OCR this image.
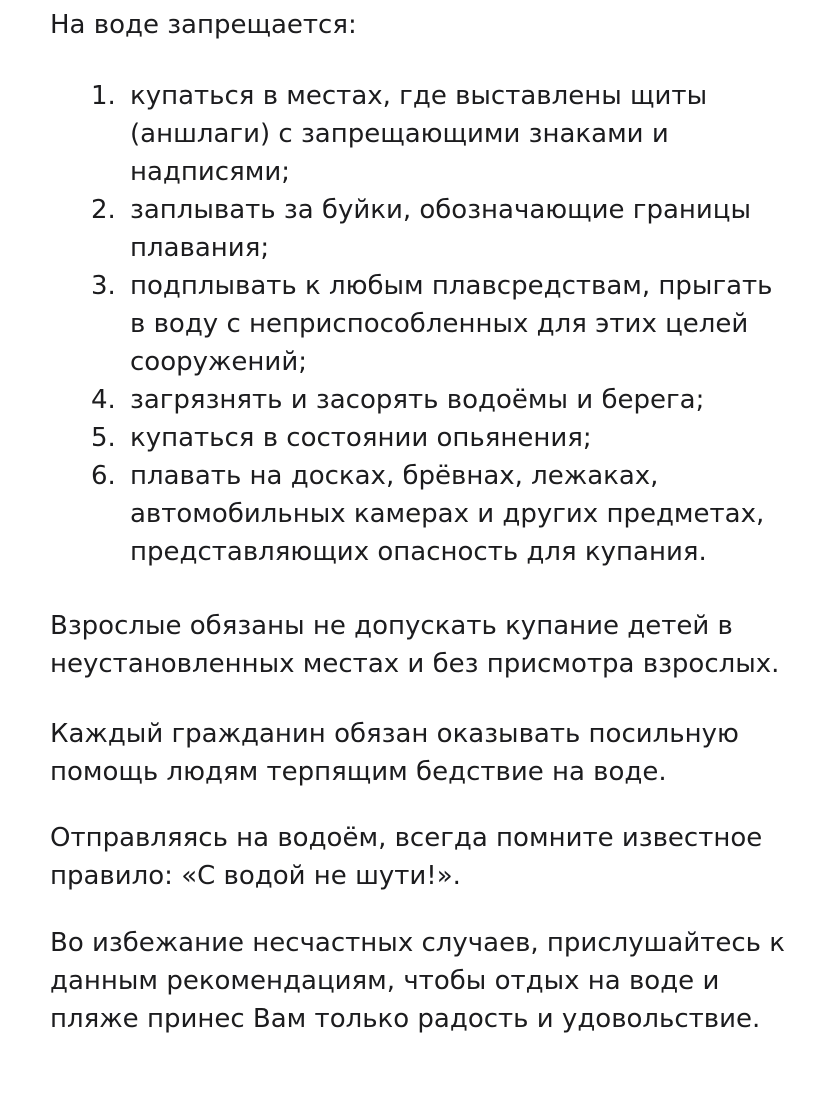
На воде запрещается:

1. купаться в местах, где выставлены щиты (аншлаги) с запрещающими знаками и надписями;
2. заплывать за буйки, обозначающие границы плавания;
3. подплывать к любым плавсредствам, прыгать в воду с неприспособленных для этих целей сооружений;
4. загрязнять и засорять водоёмы и берега;
5. купаться в состоянии опьянения;
6. плавать на досках, брёвнах, лежаках, автомобильных камерах и других предметах, представляющих опасность для купания.

Взрослые обязаны не допускать купание детей в неустановленных местах и без присмотра взрослых.

Каждый гражданин обязан оказывать посильную помощь людям терпящим бедствие на воде.

Отправляясь на водоём, всегда помните известное правило: «С водой не шути!».

Во избежание несчастных случаев, прислушайтесь к данным рекомендациям, чтобы отдых на воде и пляже принес Вам только радость и удовольствие.
